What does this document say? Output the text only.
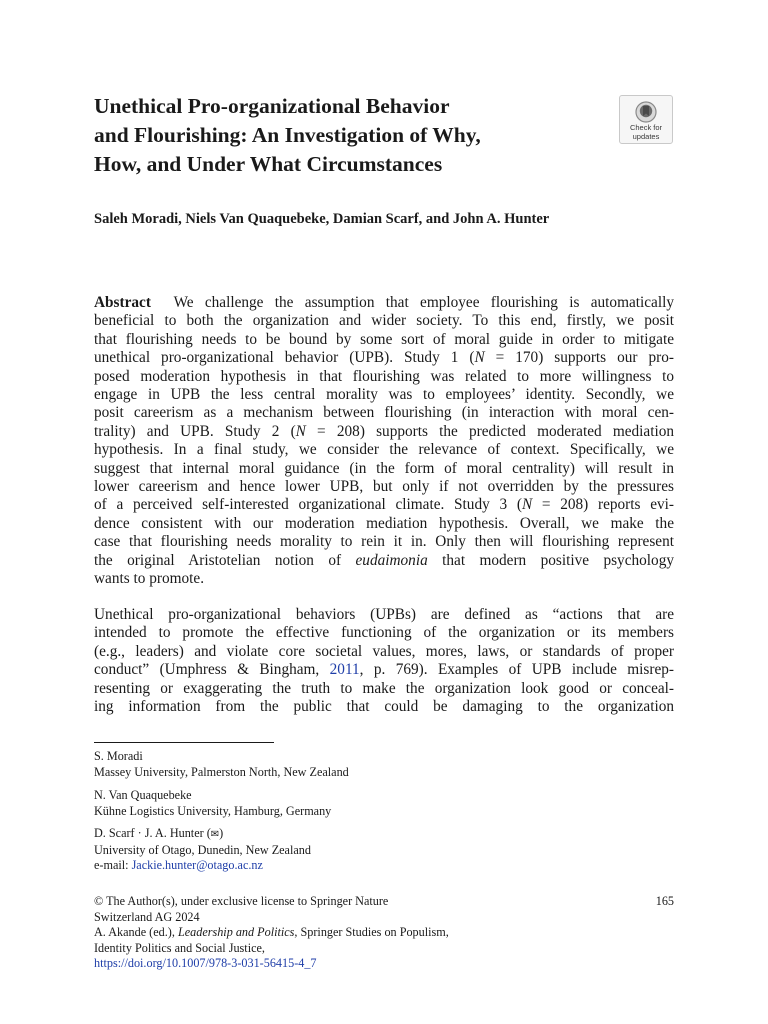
Unethical Pro-organizational Behavior
and Flourishing: An Investigation of Why,
How, and Under What Circumstances
Check for
updates
Saleh Moradi, Niels Van Quaquebeke, Damian Scarf, and John A. Hunter
Abstract We challenge the assumption that employee flourishing is automatically
beneficial to both the organization and wider society. To this end, firstly, we posit
that flourishing needs to be bound by some sort of moral guide in order to mitigate
unethical pro-organizational behavior (UPB). Study 1 (N = 170) supports our pro-
posed moderation hypothesis in that flourishing was related to more willingness to
engage in UPB the less central morality was to employees’ identity. Secondly, we
posit careerism as a mechanism between flourishing (in interaction with moral cen-
trality) and UPB. Study 2 (N = 208) supports the predicted moderated mediation
hypothesis. In a final study, we consider the relevance of context. Specifically, we
suggest that internal moral guidance (in the form of moral centrality) will result in
lower careerism and hence lower UPB, but only if not overridden by the pressures
of a perceived self-interested organizational climate. Study 3 (N = 208) reports evi-
dence consistent with our moderation mediation hypothesis. Overall, we make the
case that flourishing needs morality to rein it in. Only then will flourishing represent
the original Aristotelian notion of eudaimonia that modern positive psychology
wants to promote.
Unethical pro-organizational behaviors (UPBs) are defined as “actions that are
intended to promote the effective functioning of the organization or its members
(e.g., leaders) and violate core societal values, mores, laws, or standards of proper
conduct” (Umphress & Bingham, 2011, p. 769). Examples of UPB include misrep-
resenting or exaggerating the truth to make the organization look good or conceal-
ing information from the public that could be damaging to the organization
S. Moradi
Massey University, Palmerston North, New Zealand
N. Van Quaquebeke
Kühne Logistics University, Hamburg, Germany
D. Scarf · J. A. Hunter (✉)
University of Otago, Dunedin, New Zealand
e-mail: Jackie.hunter@otago.ac.nz
© The Author(s), under exclusive license to Springer Nature
Switzerland AG 2024
A. Akande (ed.), Leadership and Politics, Springer Studies on Populism,
Identity Politics and Social Justice,
https://doi.org/10.1007/978-3-031-56415-4_7
165
